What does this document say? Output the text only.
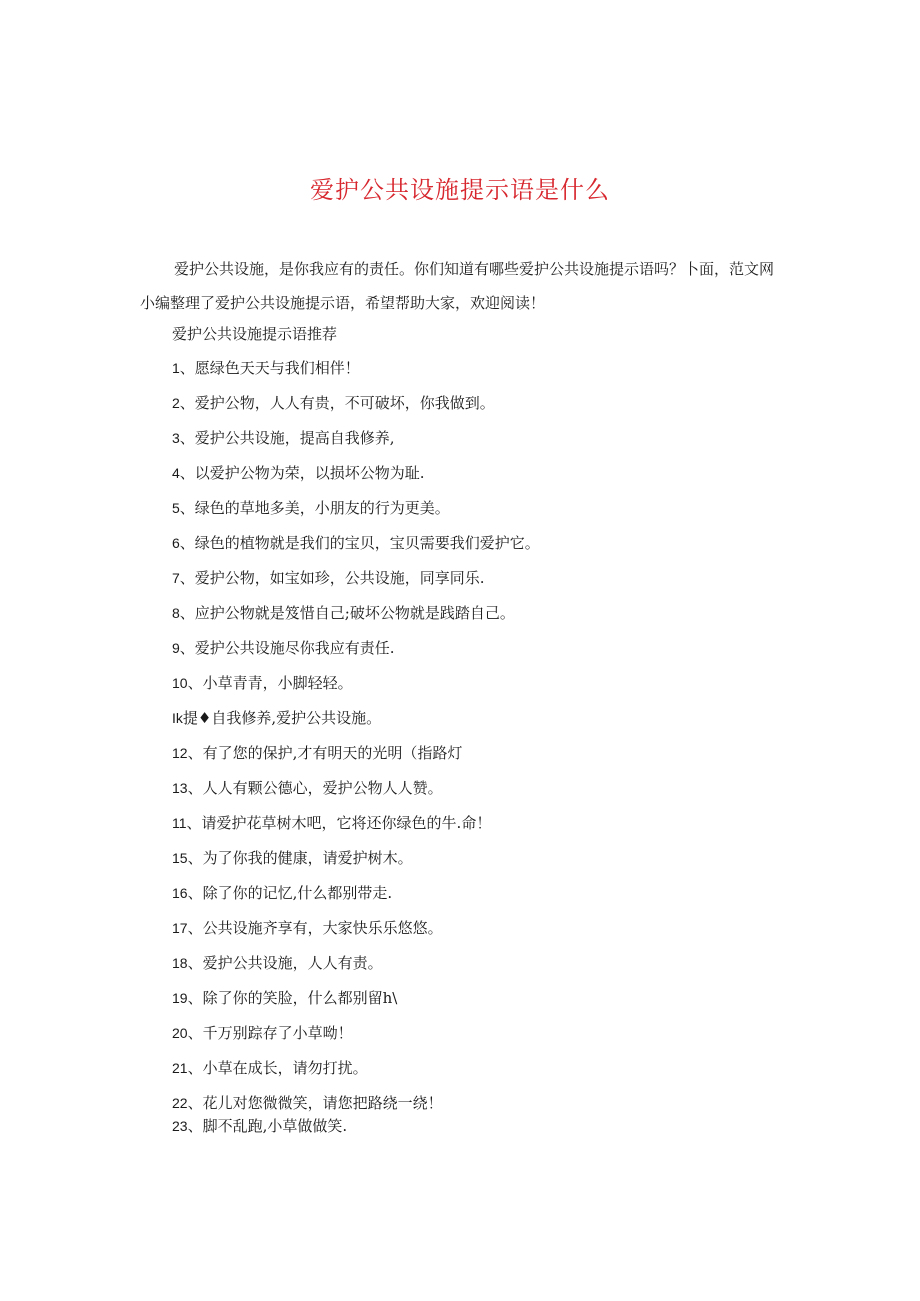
爱护公共设施提示语是什么

爱护公共设施，是你我应有的责任。你们知道有哪些爱护公共设施提示语吗？卜面，范文网小编整理了爱护公共设施提示语，希望帮助大家，欢迎阅读！

爱护公共设施提示语推荐

1、愿绿色天天与我们相伴！
2、爱护公物，人人有贵，不可破坏，你我做到。
3、爱护公共设施，提高自我修养,
4、以爱护公物为荣，以损坏公物为耻.
5、绿色的草地多美，小朋友的行为更美。
6、绿色的植物就是我们的宝贝，宝贝需要我们爱护它。
7、爱护公物，如宝如珍，公共设施，同享同乐.
8、应护公物就是笈惜自己;破坏公物就是践踏自己。
9、爱护公共设施尽你我应有责任.
10、小草青青，小脚轻轻。
Ik提♦自我修养,爱护公共设施。
12、有了您的保护,才有明天的光明（指路灯
13、人人有颗公德心，爱护公物人人赞。
11、请爱护花草树木吧，它将还你绿色的牛.命！
15、为了你我的健康，请爱护树木。
16、除了你的记忆,什么都别带走.
17、公共设施齐享有，大家快乐乐悠悠。
18、爱护公共设施，人人有责。
19、除了你的笑脸，什么都别留h\
20、千万别踪存了小草呦！
21、小草在成长，请勿打扰。
22、花儿对您微微笑，请您把路绕一绕！
23、脚不乱跑,小草做做笑.
